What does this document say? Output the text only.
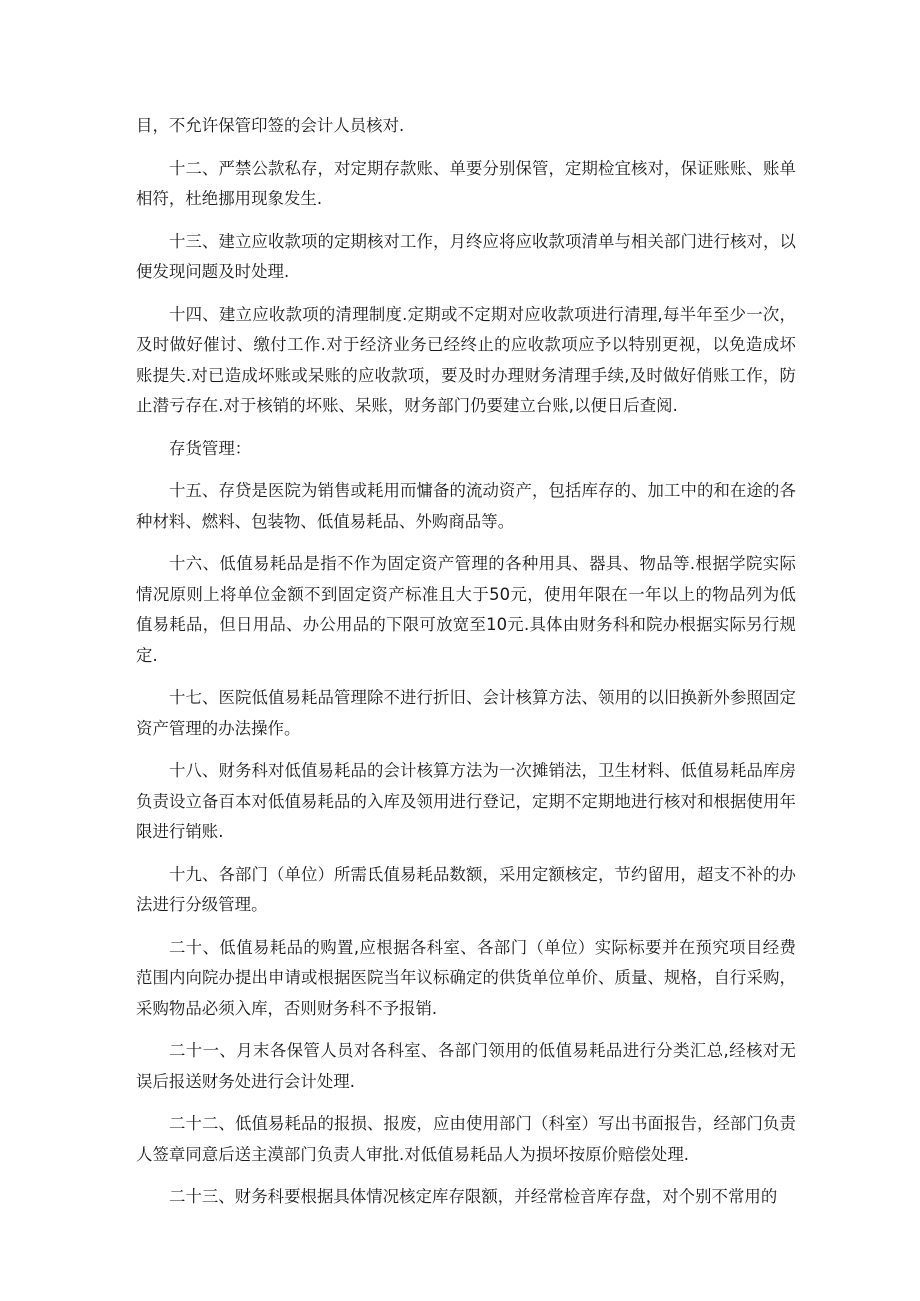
目，不允许保管印签的会计人员核对.

十二、严禁公款私存，对定期存款账、单要分别保管，定期检宜核对，保证账账、账单相符，杜绝挪用现象发生.

十三、建立应收款项的定期核对工作，月终应将应收款项清单与相关部门进行核对，以便发现问题及时处理.

十四、建立应收款项的清理制度.定期或不定期对应收款项进行清理,每半年至少一次，及时做好催讨、缴付工作.对于经济业务已经终止的应收款项应予以特别更视，以免造成坏账提失.对已造成坏账或呆账的应收款项，要及时办理财务清理手续,及时做好俏账工作，防止潜亏存在.对于核销的坏账、呆账，财务部门仍要建立台账,以便日后查阅.

存货管理：

十五、存贷是医院为销售或耗用而慵备的流动资产，包括库存的、加工中的和在途的各种材料、燃料、包装物、低值易耗品、外购商品等。

十六、低值易耗品是指不作为固定资产管理的各种用具、器具、物品等.根据学院实际情况原则上将单位金额不到固定资产标准且大于50元，使用年限在一年以上的物品列为低值易耗品，但日用品、办公用品的下限可放宽至10元.具体由财务科和院办根据实际另行规定.

十七、医院低值易耗品管理除不进行折旧、会计核算方法、领用的以旧换新外参照固定资产管理的办法操作。

十八、财务科对低值易耗品的会计核算方法为一次摊销法，卫生材料、低值易耗品库房负责设立备百本对低值易耗品的入库及领用进行登记，定期不定期地进行核对和根据使用年限进行销账.

十九、各部门（单位）所需氐值易耗品数额，采用定额核定，节约留用，超支不补的办法进行分级管理。

二十、低值易耗品的购置,应根据各科室、各部门（单位）实际标要并在预究项目经费范围内向院办提出申请或根据医院当年议标确定的供货单位单价、质量、规格，自行采购，采购物品必须入库，否则财务科不予报销.

二十一、月末各保管人员对各科室、各部门领用的低值易耗品进行分类汇总,经核对无误后报送财务处进行会计处理.

二十二、低值易耗品的报损、报废，应由使用部门（科室）写出书面报告，经部门负责人签章同意后送主漠部门负责人审批.对低值易耗品人为损坏按原价赔偿处理.

二十三、财务科要根据具体情况核定库存限额，并经常检音库存盘，对个别不常用的
